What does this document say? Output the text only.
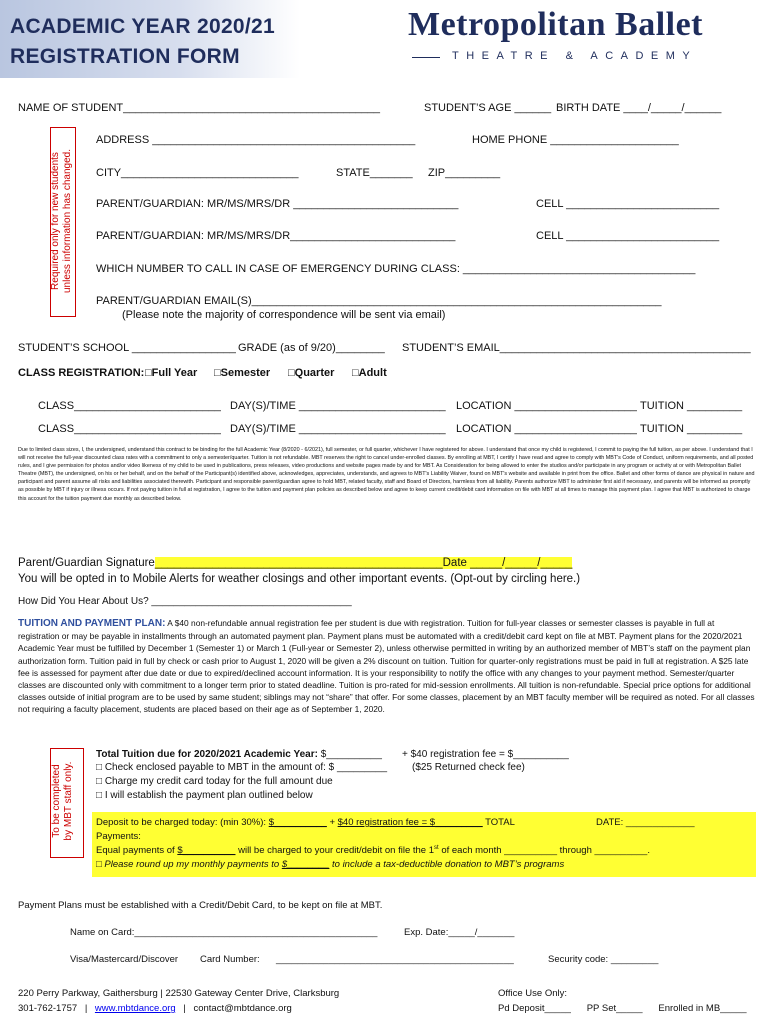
ACADEMIC YEAR 2020/21
REGISTRATION FORM
Metropolitan Ballet
THEATRE & ACADEMY
NAME OF STUDENT__________________________________________	STUDENT’S AGE ______ BIRTH DATE ____/_____/______
Required only for new students unless information has changed.
ADDRESS ___________________________________________	HOME PHONE _____________________
CITY_____________________________	STATE_______ ZIP_________
PARENT/GUARDIAN: MR/MS/MRS/DR ___________________________	CELL _________________________
PARENT/GUARDIAN: MR/MS/MRS/DR___________________________	CELL _________________________
WHICH NUMBER TO CALL IN CASE OF EMERGENCY DURING CLASS: ______________________________________
PARENT/GUARDIAN EMAIL(S)___________________________________________________________________
(Please note the majority of correspondence will be sent via email)
STUDENT’S SCHOOL _________________ GRADE (as of 9/20)________ STUDENT’S EMAIL_________________________________________
CLASS REGISTRATION: □Full Year □Semester □Quarter □Adult
CLASS________________________ DAY(S)/TIME ________________________ LOCATION ____________________ TUITION _________
CLASS________________________ DAY(S)/TIME ________________________ LOCATION ____________________ TUITION _________
Due to limited class sizes, I, the undersigned, understand this contract to be binding for the full Academic Year (8/2020 - 6/2021), full semester, or full quarter, whichever I have registered for above. I understand that once my child is registered, I commit to paying the full tuition, as per above. I understand that I will not receive the full-year discounted class rates with a commitment to only a semester/quarter. Tuition is not refundable. MBT reserves the right to cancel under-enrolled classes. By enrolling at MBT, I certify I have read and agree to comply with MBT's Code of Conduct, uniform requirements, and all posted rules, and I give permission for photos and/or video likeness of my child to be used in publications, press releases, video productions and website pages made by and for MBT. As Consideration for being allowed to enter the studios and/or participate in any program or activity at or with Metropolitan Ballet Theatre (MBT), the undersigned, on his or her behalf, and on the behalf of the Participant(s) identified above, acknowledges, appreciates, understands, and agrees to MBT's Liability Waiver, found on MBT's website and available in print from the office. Ballet and other forms of dance are physical in nature and participant and parent assume all risks and liabilities associated therewith. Participant and responsible parent/guardian agree to hold MBT, related faculty, staff and Board of Directors, harmless from all liability. Parents authorize MBT to administer first aid if necessary, and parents will be informed as promptly as possible by MBT if injury or illness occurs. If not paying tuition in full at registration, I agree to the tuition and payment plan policies as described below and agree to keep current credit/debit card information on file with MBT at all times to manage this payment plan. I agree that MBT is authorized to charge this account for the tuition payment due monthly as described below.
Parent/Guardian Signature_____________________________________________Date _____/_____/_____
You will be opted in to Mobile Alerts for weather closings and other important events. (Opt-out by circling here.)
How Did You Hear About Us? ____________________________________
TUITION AND PAYMENT PLAN: A $40 non-refundable annual registration fee per student is due with registration. Tuition for full-year classes or semester classes is payable in full at registration or may be payable in installments through an automated payment plan. Payment plans must be automated with a credit/debit card kept on file at MBT. Payment plans for the 2020/2021 Academic Year must be fulfilled by December 1 (Semester 1) or March 1 (Full-year or Semester 2), unless otherwise permitted in writing by an authorized member of MBT’s staff on the payment plan authorization form. Tuition paid in full by check or cash prior to August 1, 2020 will be given a 2% discount on tuition. Tuition for quarter-only registrations must be paid in full at registration. A $25 late fee is assessed for payment after due date or due to expired/declined account information. It is your responsibility to notify the office with any changes to your payment method. Semester/quarter classes are discounted only with commitment to a longer term prior to stated deadline. Tuition is pro-rated for mid-session enrollments. All tuition is non-refundable. Special price options for additional classes outside of initial program are to be used by same student; siblings may not “share” that offer. For some classes, placement by an MBT faculty member will be required as noted. For all classes not requiring a faculty placement, students are placed based on their age as of September 1, 2020.
To be completed by MBT staff only.
Total Tuition due for 2020/2021 Academic Year: $__________ + $40 registration fee = $__________
□ Check enclosed payable to MBT in the amount of: $ _________ ($25 Returned check fee)
□ Charge my credit card today for the full amount due
□ I will establish the payment plan outlined below
Deposit to be charged today: (min 30%): $__________ + $40 registration fee = $_________ TOTAL	DATE: _____________
Payments:
Equal payments of $__________ will be charged to your credit/debit on file the 1st of each month __________ through __________.
□ Please round up my monthly payments to $________ to include a tax-deductible donation to MBT’s programs
Payment Plans must be established with a Credit/Debit Card, to be kept on file at MBT.
Name on Card:______________________________________________	Exp. Date:_____/_______
Visa/Mastercard/Discover Card Number: _____________________________________________	Security code: _________
220 Perry Parkway, Gaithersburg | 22530 Gateway Center Drive, Clarksburg
301-762-1757 | www.mbtdance.org | contact@mbtdance.org
Office Use Only:
Pd Deposit_____      PP Set_____      Enrolled in MB_____
